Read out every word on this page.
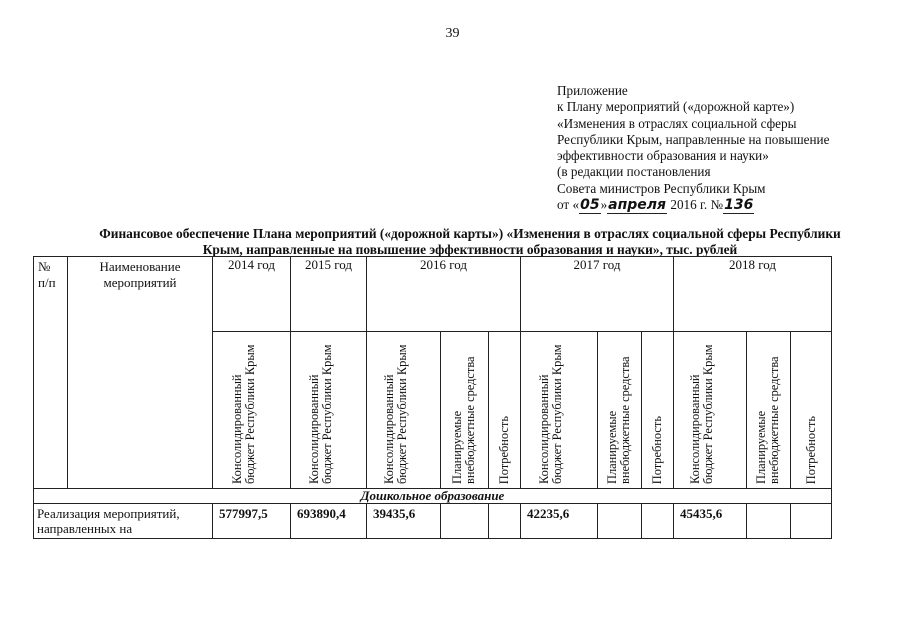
39
Приложение
к Плану мероприятий («дорожной карте»)
«Изменения в отраслях социальной сферы
Республики Крым, направленные на повышение
эффективности образования и науки»
(в редакции постановления
Совета министров Республики Крым
от «05»апреля 2016 г. №136
Финансовое обеспечение Плана мероприятий («дорожной карты») «Изменения в отраслях социальной сферы Республики Крым, направленные на повышение эффективности образования и науки», тыс. рублей
№ п/п	Наименование мероприятий	2014 год	2015 год	2016 год			2017 год			2018 год		

		Консолидированный бюджет Республики Крым	Консолидированный бюджет Республики Крым	Консолидированный бюджет Республики Крым	Планируемые внебюджетные средства	Потребность	Консолидированный бюджет Республики Крым	Планируемые внебюджетные средства	Потребность	Консолидированный бюджет Республики Крым	Планируемые внебюджетные средства	Потребность

Дошкольное образование												
Реализация мероприятий, направленных на		577997,5	693890,4	39435,6			42235,6			45435,6		
